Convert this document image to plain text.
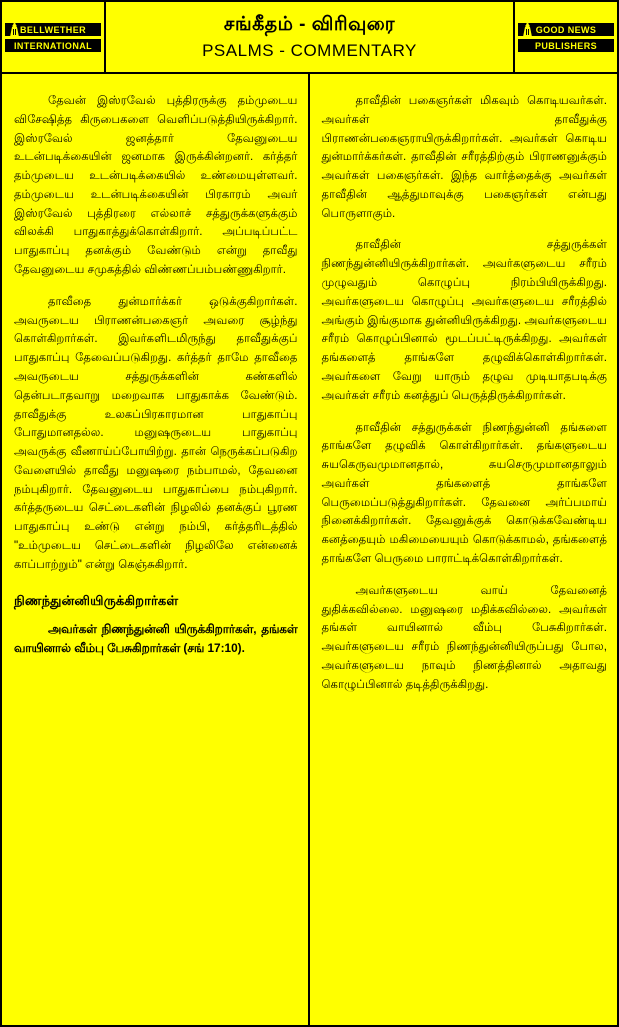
BELLWETHER
INTERNATIONAL
சங்கீதம் - விரிவுரை
PSALMS - COMMENTARY
GOOD NEWS
PUBLISHERS

தேவன் இஸ்ரவேல் புத்திரருக்கு தம்முடைய விசேஷித்த கிருபைகளை வெளிப்படுத்தியிருக்கிறார். இஸ்ரவேல் ஜனத்தார் தேவனுடைய உடன்படிக்கையின் ஜனமாக இருக்கின்றனர். கர்த்தர் தம்முடைய உடன்படிக்கையில் உண்மையுள்ளவர். தம்முடைய உடன்படிக்கையின் பிரகாரம் அவர் இஸ்ரவேல் புத்திரரை எல்லாச் சத்துருக்களுக்கும் விலக்கி பாதுகாத்துக்கொள்கிறார். அப்படிப்பட்ட பாதுகாப்பு தனக்கும் வேண்டும் என்று தாவீது தேவனுடைய சமுகத்தில் விண்ணப்பம்பண்ணுகிறார்.

தாவீதை துன்மார்க்கர் ஒடுக்குகிறார்கள். அவருடைய பிராணன்பகைஞர் அவரை சூழ்ந்து கொள்கிறார்கள். இவர்களிடமிருந்து தாவீதுக்குப் பாதுகாப்பு தேவைப்படுகிறது. கர்த்தர் தாமே தாவீதை அவருடைய சத்துருக்களின் கண்களில் தென்படாதவாறு மறைவாக பாதுகாக்க வேண்டும். தாவீதுக்கு உலகப்பிரகாரமான பாதுகாப்பு போதுமானதல்ல. மனுஷருடைய பாதுகாப்பு அவருக்கு வீணாய்ப்போயிற்று. தான் நெருக்கப்படுகிற வேளையில் தாவீது மனுஷரை நம்பாமல், தேவனை நம்புகிறார். தேவனுடைய பாதுகாப்பை நம்புகிறார். கர்த்தருடைய செட்டைகளின் நிழலில் தனக்குப் பூரண பாதுகாப்பு உண்டு என்று நம்பி, கர்த்தரிடத்தில் "உம்முடைய செட்டைகளின் நிழலிலே என்னைக் காப்பாற்றும்" என்று கெஞ்சுகிறார்.

நிணந்துன்னியிருக்கிறார்கள்

அவர்கள் நிணந்துன்னி யிருக்கிறார்கள், தங்கள் வாயினால் வீம்பு பேசுகிறார்கள் (சங் 17:10).

தாவீதின் பகைஞர்கள் மிகவும் கொடியவர்கள். அவர்கள் தாவீதுக்கு பிராணன்பகைஞராயிருக்கிறார்கள். அவர்கள் கொடிய துன்மார்க்கர்கள். தாவீதின் சரீரத்திற்கும் பிராணனுக்கும் அவர்கள் பகைஞர்கள். இந்த வார்த்தைக்கு அவர்கள் தாவீதின் ஆத்துமாவுக்கு பகைஞர்கள் என்பது பொருளாகும்.

தாவீதின் சத்துருக்கள் நிணந்துன்னியிருக்கிறார்கள். அவர்களுடைய சரீரம் முழுவதும் கொழுப்பு நிரம்பியிருக்கிறது. அவர்களுடைய கொழுப்பு அவர்களுடைய சரீரத்தில் அங்கும் இங்குமாக துன்னியிருக்கிறது. அவர்களுடைய சரீரம் கொழுப்பினால் மூடப்பட்டிருக்கிறது. அவர்கள் தங்களைத் தாங்களே தழுவிக்கொள்கிறார்கள். அவர்களை வேறு யாரும் தழுவ முடியாதபடிக்கு அவர்கள் சரீரம் கனத்துப் பெருத்திருக்கிறார்கள்.

தாவீதின் சத்துருக்கள் நிணந்துன்னி தங்களை தாங்களே தழுவிக் கொள்கிறார்கள். தங்களுடைய சுயகெருவமுமானதால், சுயசெருமுமானதாலும் அவர்கள் தங்களைத் தாங்களே பெருமைப்படுத்துகிறார்கள். தேவனை அர்ப்பமாய் நினைக்கிறார்கள். தேவனுக்குக் கொடுக்கவேண்டிய கனத்தையும் மகிமையையும் கொடுக்காமல், தங்களைத் தாங்களே பெருமை பாராட்டிக்கொள்கிறார்கள்.

அவர்களுடைய வாய் தேவனைத் துதிக்கவில்லை. மனுஷரை மதிக்கவில்லை. அவர்கள் தங்கள் வாயினால் வீம்பு பேசுகிறார்கள். அவர்களுடைய சரீரம் நிணந்துன்னியிருப்பது போல, அவர்களுடைய நாவும் நிணத்தினால் அதாவது கொழுப்பினால் தடித்திருக்கிறது.
